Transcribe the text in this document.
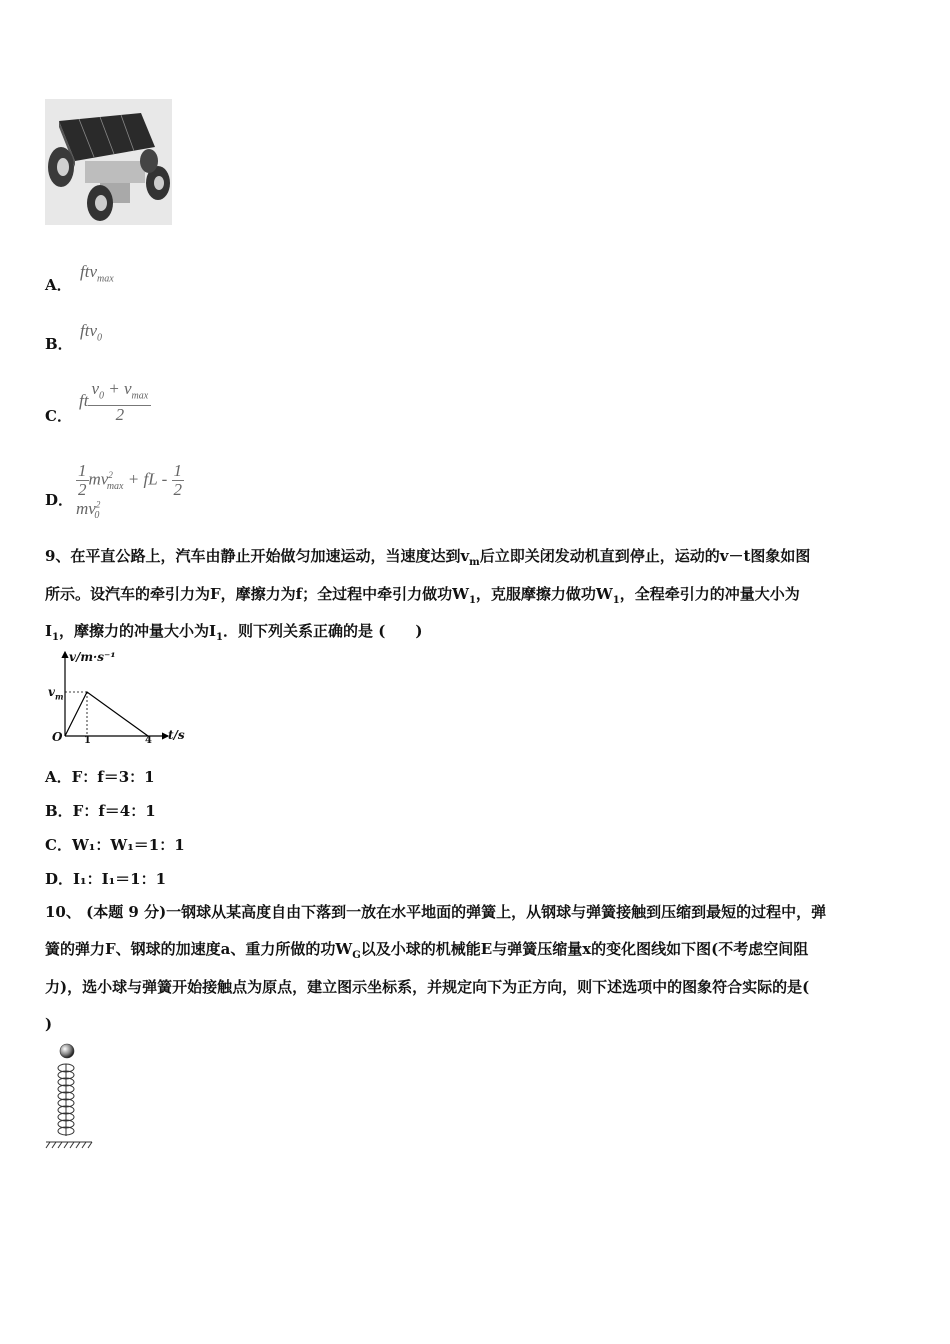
A．
ftv$_{max}$
B．
ftv$_0$
C．
ft $\frac{v_0 + v_{max}}{2}$
D．
$\frac{1}{2} mv^2_{max}$ + fL - $\frac{1}{2}$
$mv^2_0$
9、在平直公路上，汽车由静止开始做匀加速运动，当速度达到$v_m$后立即关闭发动机直到停止，运动的v－t图象如图
所示。设汽车的牵引力为F，摩擦力为f；全过程中牵引力做功$W_1$，克服摩擦力做功$W_1$，全程牵引力的冲量大小为
$I_1$，摩擦力的冲量大小为$I_1$．则下列关系正确的是 (　　)
v/m·s⁻¹
$v_m$
O 1	4 t/s
A．F：f＝3：1
B．F：f＝4：1
C．W₁：W₁＝1：1
D．I₁：I₁＝1：1
10、 (本题 9 分)一钢球从某高度自由下落到一放在水平地面的弹簧上，从钢球与弹簧接触到压缩到最短的过程中，弹
簧的弹力F、钢球的加速度a、重力所做的功$W_G$以及小球的机械能E与弹簧压缩量x的变化图线如下图(不考虑空间阻
力)，选小球与弹簧开始接触点为原点，建立图示坐标系，并规定向下为正方向，则下述选项中的图象符合实际的是(
)
